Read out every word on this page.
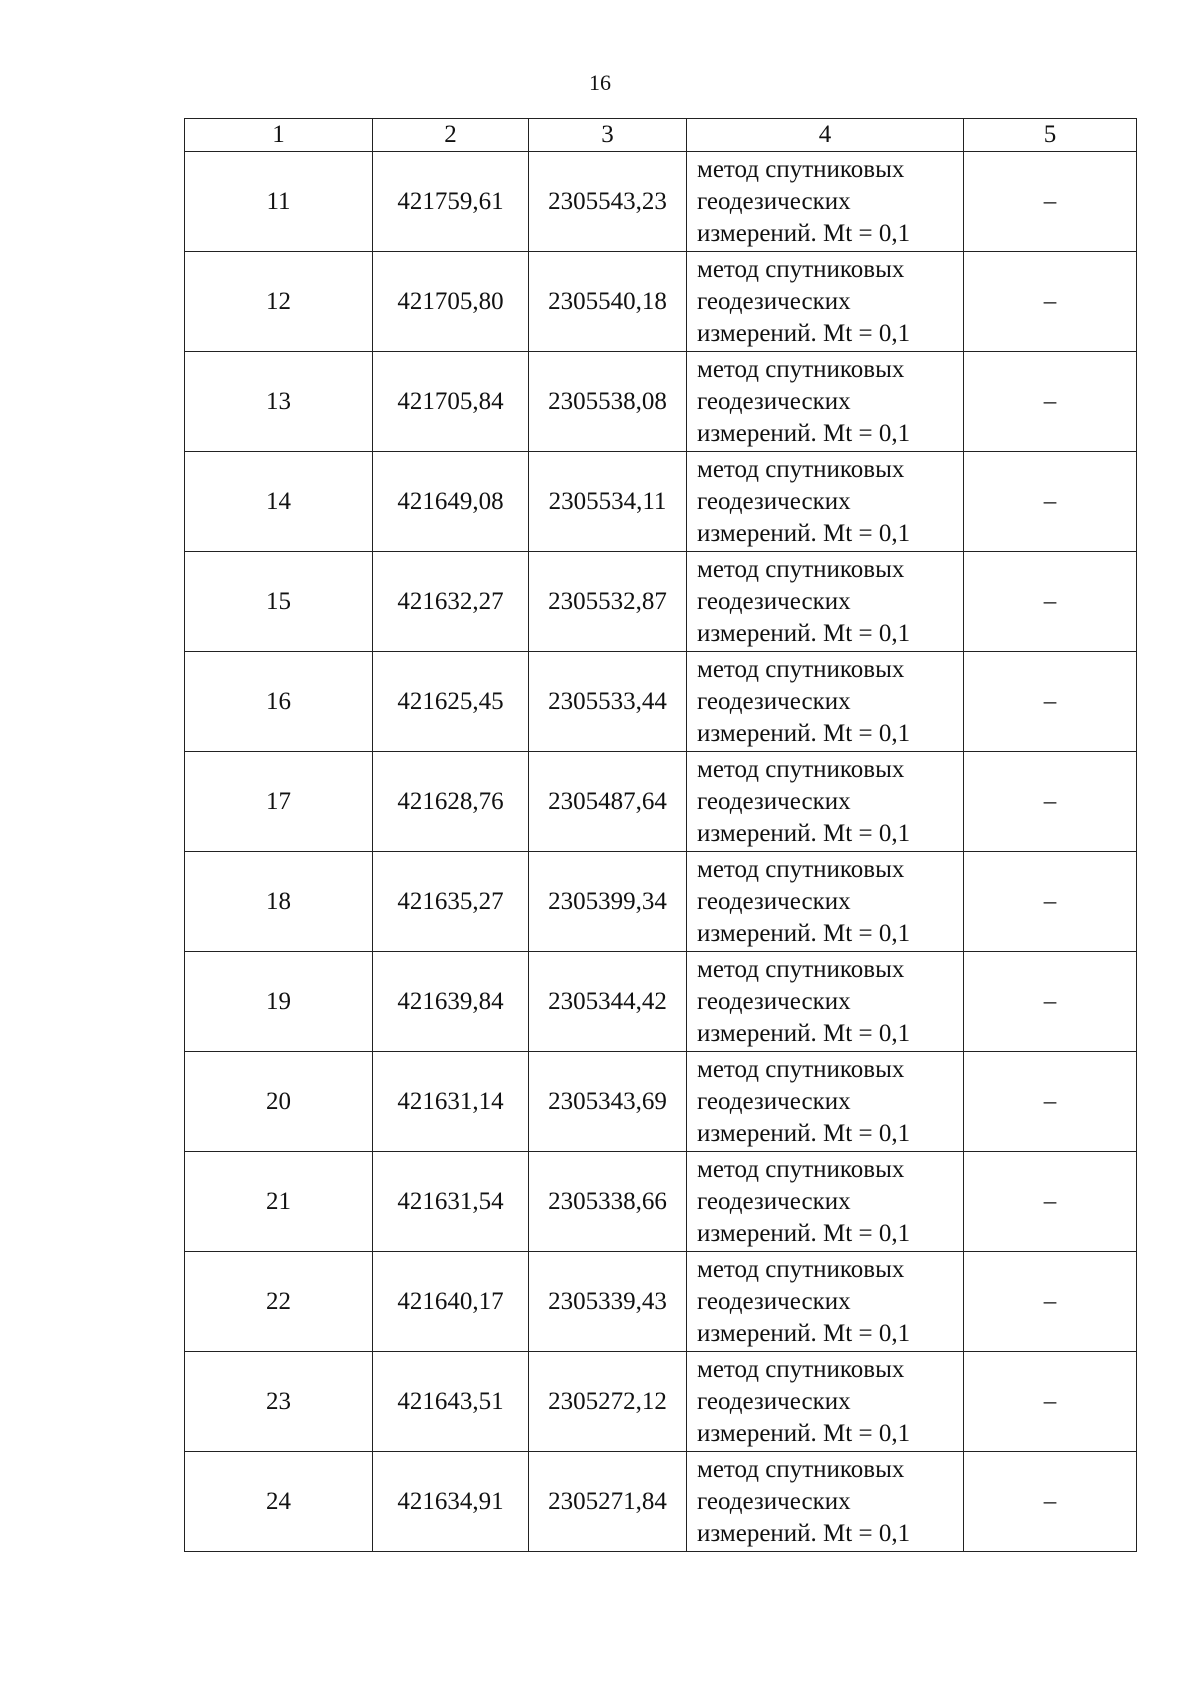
16
1	2	3	4	5
11	421759,61	2305543,23	метод спутниковых
геодезических
измерений. Mt = 0,1	–
12	421705,80	2305540,18	метод спутниковых
геодезических
измерений. Mt = 0,1	–
13	421705,84	2305538,08	метод спутниковых
геодезических
измерений. Mt = 0,1	–
14	421649,08	2305534,11	метод спутниковых
геодезических
измерений. Mt = 0,1	–
15	421632,27	2305532,87	метод спутниковых
геодезических
измерений. Mt = 0,1	–
16	421625,45	2305533,44	метод спутниковых
геодезических
измерений. Mt = 0,1	–
17	421628,76	2305487,64	метод спутниковых
геодезических
измерений. Mt = 0,1	–
18	421635,27	2305399,34	метод спутниковых
геодезических
измерений. Mt = 0,1	–
19	421639,84	2305344,42	метод спутниковых
геодезических
измерений. Mt = 0,1	–
20	421631,14	2305343,69	метод спутниковых
геодезических
измерений. Mt = 0,1	–
21	421631,54	2305338,66	метод спутниковых
геодезических
измерений. Mt = 0,1	–
22	421640,17	2305339,43	метод спутниковых
геодезических
измерений. Mt = 0,1	–
23	421643,51	2305272,12	метод спутниковых
геодезических
измерений. Mt = 0,1	–
24	421634,91	2305271,84	метод спутниковых
геодезических
измерений. Mt = 0,1	–
